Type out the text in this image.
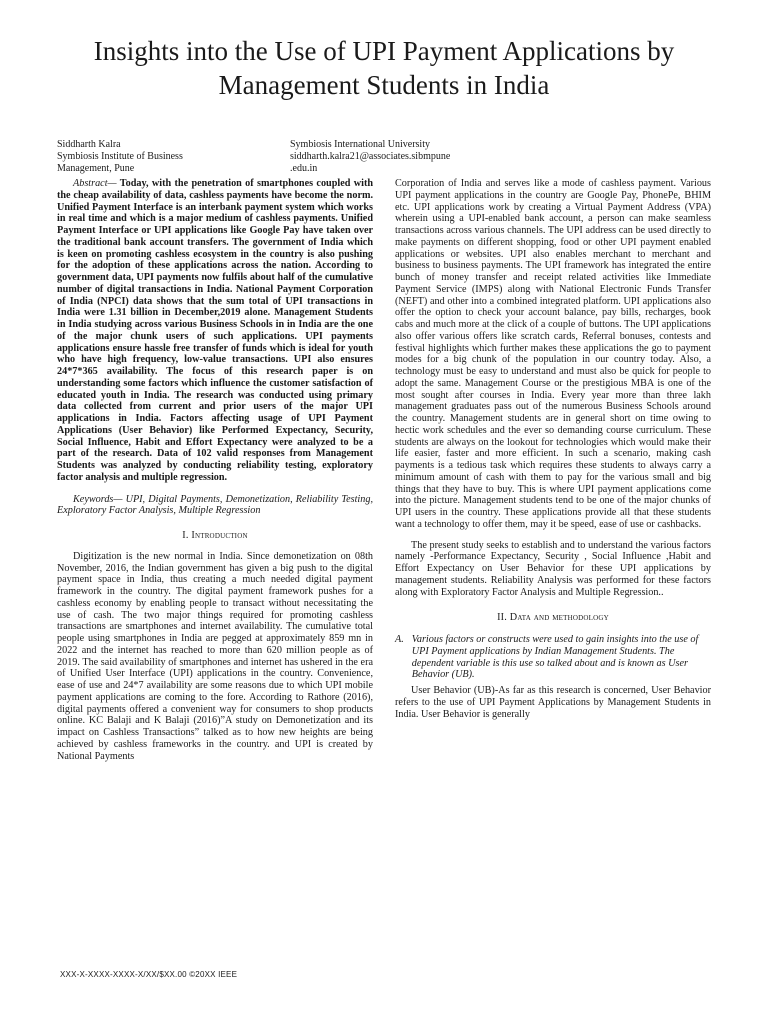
Insights into the Use of UPI Payment Applications by Management Students in India
Siddharth Kalra
Symbiosis Institute of Business
Management, Pune
Symbiosis International University
siddharth.kalra21@associates.sibmpune
.edu.in

Abstract— Today, with the penetration of smartphones coupled with the cheap availability of data, cashless payments have become the norm. Unified Payment Interface is an interbank payment system which works in real time and which is a major medium of cashless payments. Unified Payment Interface or UPI applications like Google Pay have taken over the traditional bank account transfers. The government of India which is keen on promoting cashless ecosystem in the country is also pushing for the adoption of these applications across the nation. According to government data, UPI payments now fulfils about half of the cumulative number of digital transactions in India. National Payment Corporation of India (NPCI) data shows that the sum total of UPI transactions in India were 1.31 billion in December,2019 alone. Management Students in India studying across various Business Schools in in India are the one of the major chunk users of such applications. UPI payments applications ensure hassle free transfer of funds which is ideal for youth who have high frequency, low-value transactions. UPI also ensures 24*7*365 availability. The focus of this research paper is on understanding some factors which influence the customer satisfaction of educated youth in India. The research was conducted using primary data collected from current and prior users of the major UPI applications in India. Factors affecting usage of UPI Payment Applications (User Behavior) like Performed Expectancy, Security, Social Influence, Habit and Effort Expectancy were analyzed to be a part of the research. Data of 102 valid responses from Management Students was analyzed by conducting reliability testing, exploratory factor analysis and multiple regression.

Keywords— UPI, Digital Payments, Demonetization, Reliability Testing, Exploratory Factor Analysis, Multiple Regression

I. Introduction

Digitization is the new normal in India. Since demonetization on 08th November, 2016, the Indian government has given a big push to the digital payment space in India, thus creating a much needed digital payment framework in the country. The digital payment framework pushes for a cashless economy by enabling people to transact without necessitating the use of cash. The two major things required for promoting cashless transactions are smartphones and internet availability. The cumulative total people using smartphones in India are pegged at approximately 859 mn in 2022 and the internet has reached to more than 620 million people as of 2019. The said availability of smartphones and internet has ushered in the era of Unified User Interface (UPI) applications in the country. Convenience, ease of use and 24*7 availability are some reasons due to which UPI mobile payment applications are coming to the fore. According to Rathore (2016), digital payments offered a convenient way for consumers to shop products online. KC Balaji and K Balaji (2016)”A study on Demonetization and its impact on Cashless Transactions” talked as to how new heights are being achieved by cashless frameworks in the country. and UPI is created by National Payments

Corporation of India and serves like a mode of cashless payment. Various UPI payment applications in the country are Google Pay, PhonePe, BHIM etc. UPI applications work by creating a Virtual Payment Address (VPA) wherein using a UPI-enabled bank account, a person can make seamless transactions across various channels. The UPI address can be used directly to make payments on different shopping, food or other UPI payment enabled applications or websites. UPI also enables merchant to merchant and business to business payments. The UPI framework has integrated the entire bunch of money transfer and receipt related activities like Immediate Payment Service (IMPS) along with National Electronic Funds Transfer (NEFT) and other into a combined integrated platform. UPI applications also offer the option to check your account balance, pay bills, recharges, book cabs and much more at the click of a couple of buttons. The UPI applications also offer various offers like scratch cards, Referral bonuses, contests and festival highlights which further makes these applications the go to payment modes for a big chunk of the population in our country today. Also, a technology must be easy to understand and must also be quick for people to adopt the same. Management Course or the prestigious MBA is one of the most sought after courses in India. Every year more than three lakh management graduates pass out of the numerous Business Schools around the country. Management students are in general short on time owing to hectic work schedules and the ever so demanding course curriculum. These students are always on the lookout for technologies which would make their life easier, faster and more efficient. In such a scenario, making cash payments is a tedious task which requires these students to always carry a minimum amount of cash with them to pay for the various small and big things that they have to buy. This is where UPI payment applications come into the picture. Management students tend to be one of the major chunks of UPI users in the country. These applications provide all that these students want a technology to offer them, may it be speed, ease of use or cashbacks.

The present study seeks to establish and to understand the various factors namely -Performance Expectancy, Security , Social Influence ,Habit and Effort Expectancy on User Behavior for these UPI applications by management students. Reliability Analysis was performed for these factors along with Exploratory Factor Analysis and Multiple Regression..

II. Data and methodology

A. Various factors or constructs were used to gain insights into the use of UPI Payment applications by Indian Management Students. The dependent variable is this use so talked about and is known as User Behavior (UB).

User Behavior (UB)-As far as this research is concerned, User Behavior refers to the use of UPI Payment Applications by Management Students in India. User Behavior is generally

XXX-X-XXXX-XXXX-X/XX/$XX.00 ©20XX IEEE
